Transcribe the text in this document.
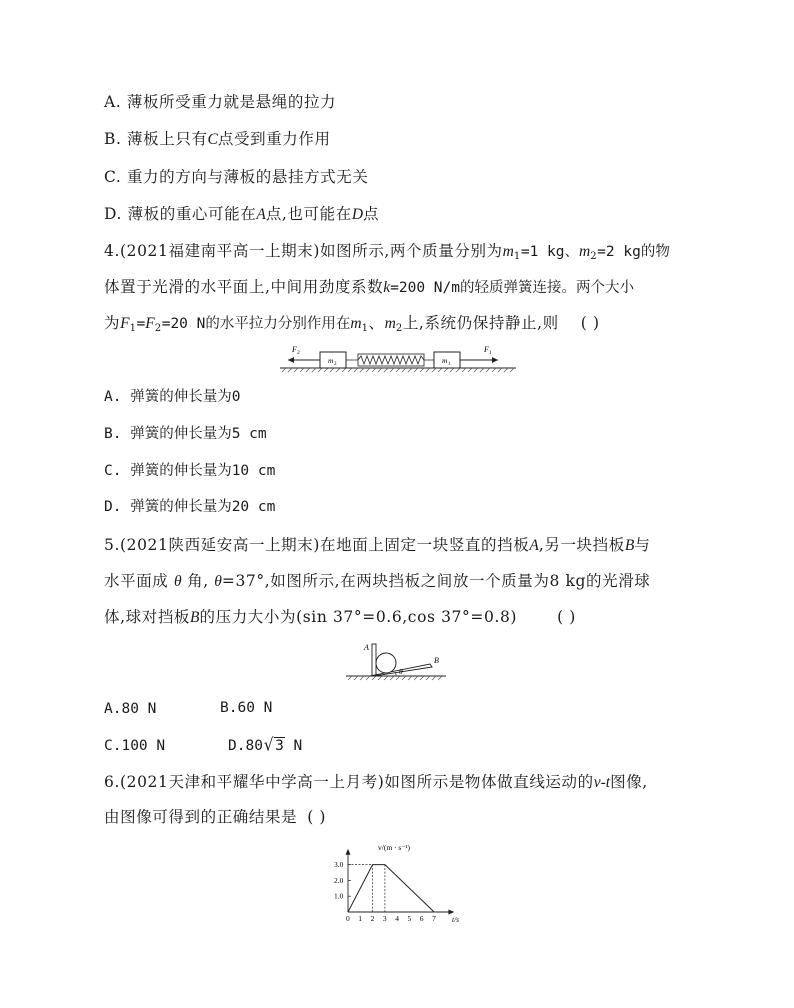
A. 薄板所受重力就是悬绳的拉力
B. 薄板上只有C点受到重力作用
C. 重力的方向与薄板的悬挂方式无关
D. 薄板的重心可能在A点,也可能在D点
4.(2021福建南平高一上期末)如图所示,两个质量分别为$m_1=1$ kg、$m_2=2$ kg的物
体置于光滑的水平面上,中间用劲度系数k=200 N/m的轻质弹簧连接。两个大小
为$F_1=F_2=20$ N的水平拉力分别作用在$m_1$、$m_2$上,系统仍保持静止,则 ( )
F 2	F 1
m 2	m 1
A. 弹簧的伸长量为0
B. 弹簧的伸长量为5 cm
C. 弹簧的伸长量为10 cm
D. 弹簧的伸长量为20 cm
5.(2021陕西延安高一上期末)在地面上固定一块竖直的挡板A,另一块挡板B与
水平面成 θ 角, θ=37°,如图所示,在两块挡板之间放一个质量为8 kg的光滑球
体,球对挡板B的压力大小为(sin 37°=0.6,cos 37°=0.8)	( )
A
B
θ
A.80 N	B.60 N
C.100 N	D.80√3 N
6.(2021天津和平耀华中学高一上月考)如图所示是物体做直线运动的v-t图像,
由图像可得到的正确结果是 ( )
0 1 2 3 4 5 6 7
1.0
2.0
3.0
v/(m · s⁻¹)
t/s
